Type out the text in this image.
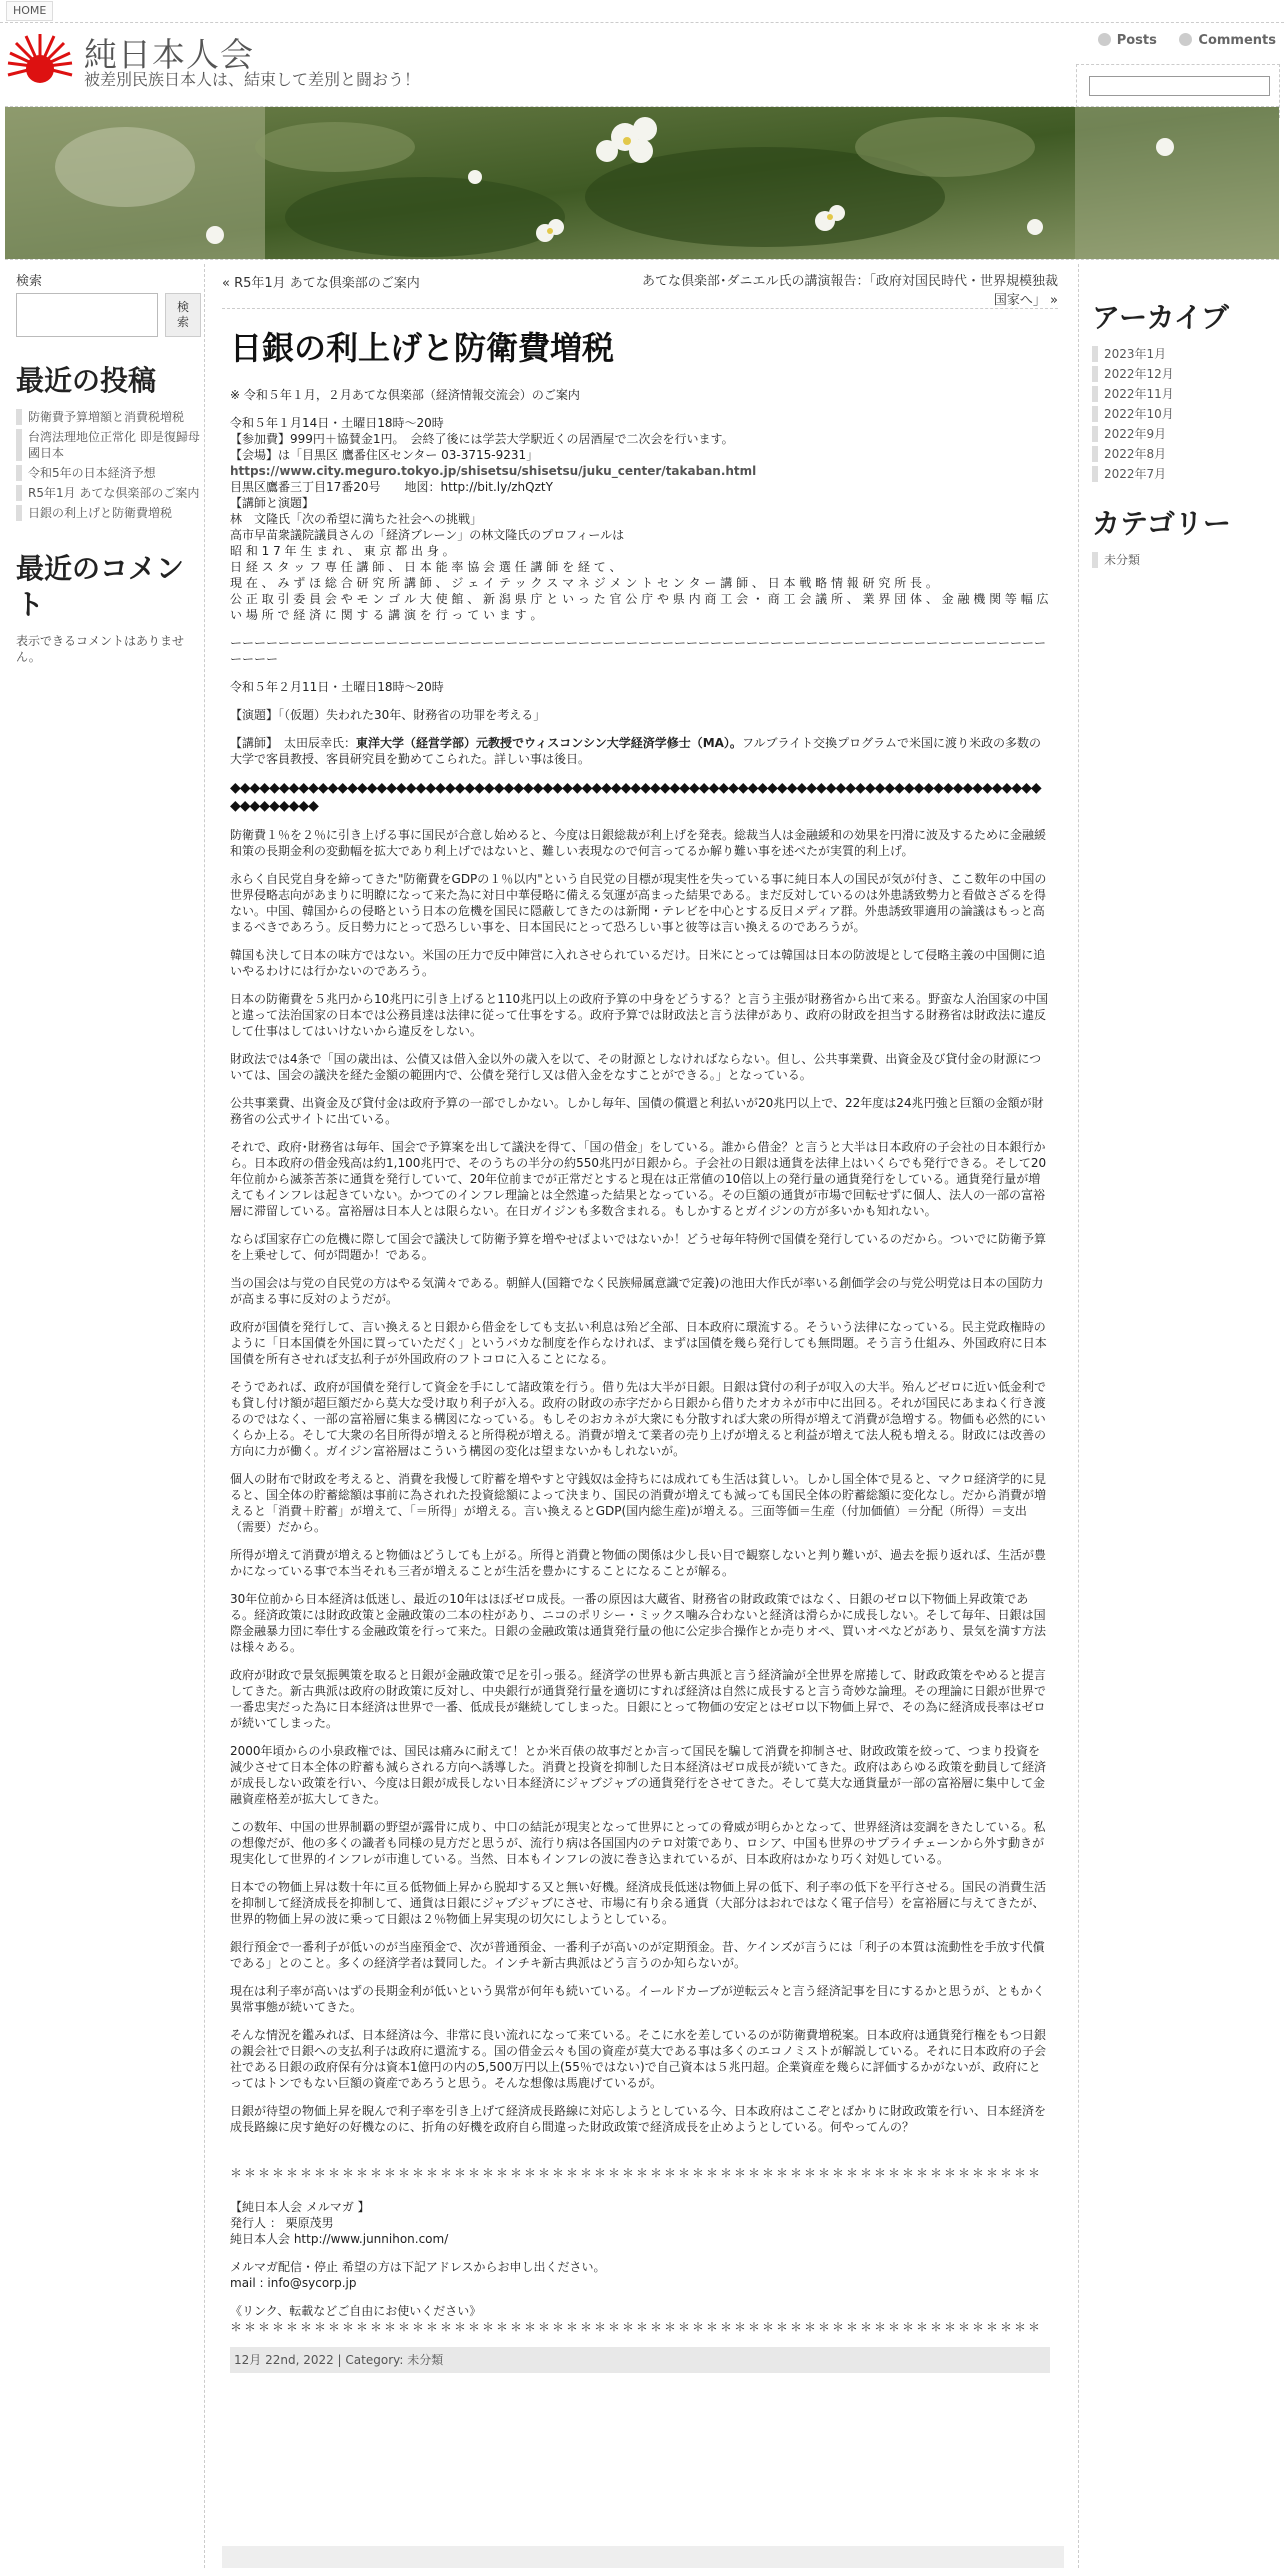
HOME
純日本人会
被差別民族日本人は、結束して差別と闘おう！
Posts	Comments
検索
検索
最近の投稿
防衛費予算増額と消費税増税
台湾法理地位正常化 即是復歸母國日本
令和5年の日本経済予想
R5年1月 あてな倶楽部のご案内
日銀の利上げと防衛費増税
最近のコメント
表示できるコメントはありません。
アーカイブ
2023年1月
2022年12月
2022年11月
2022年10月
2022年9月
2022年8月
2022年7月
カテゴリー
未分類
« R5年1月 あてな倶楽部のご案内	あてな倶楽部･ダニエル氏の講演報告：「政府対国民時代・世界規模独裁国家へ」 »
日銀の利上げと防衛費増税

※ 令和５年１月，２月あてな倶楽部（経済情報交流会）のご案内

令和５年１月14日・土曜日18時～20時
【参加費】999円＋協賛金1円。　会終了後には学芸大学駅近くの居酒屋で二次会を行います。
【会場】は「目黒区 鷹番住区センター 03-3715-9231」
https://www.city.meguro.tokyo.jp/shisetsu/shisetsu/juku_center/takaban.html
目黒区鷹番三丁目17番20号　　地図：http://bit.ly/zhQztY
【講師と演題】
林　文隆氏「次の希望に満ちた社会への挑戦」
高市早苗衆議院議員さんの「経済ブレーン」の林文隆氏のプロフィールは
昭 和 1 7 年 生 ま れ 、 東 京 都 出 身 。
日 経 ス タ ッ フ 専 任 講 師 、 日 本 能 率 協 会 選 任 講 師 を 経 て 、
現 在 、 み ず ほ 総 合 研 究 所 講 師 、 ジ ェ イ テ ッ ク ス マ ネ ジ メ ン ト セ ン タ ー 講 師 、 日 本 戦 略 情 報 研 究 所 長 。
公 正 取 引 委 員 会 や モ ン ゴ ル 大 使 館 、 新 潟 県 庁 と い っ た 官 公 庁 や 県 内 商 工 会 ・ 商 工 会 議 所 、 業 界 団 体 、 金 融 機 関 等 幅 広 い 場 所 で 経 済 に 関 す る 講 演 を 行 っ て い ま す 。

ーーーーーーーーーーーーーーーーーーーーーーーーーーーーーーーーーーーーーーーーーーーーーーーーーーーーーーーーーーーーーーーーーーーーーーーー

令和５年２月11日・土曜日18時～20時

【演題】「（仮題）失われた30年、財務省の功罪を考える」

【講師】　太田辰幸氏：東洋大学（経営学部）元教授でウィスコンシン大学経済学修士（MA）。フルブライト交換プログラムで米国に渡り米政の多数の大学で客員教授、客員研究員を勤めてこられた。詳しい事は後日。

◆◆◆◆◆◆◆◆◆◆◆◆◆◆◆◆◆◆◆◆◆◆◆◆◆◆◆◆◆◆◆◆◆◆◆◆◆◆◆◆◆◆◆◆◆◆◆◆◆◆◆◆◆◆◆◆◆◆◆◆◆◆◆◆◆◆◆◆◆◆◆◆◆◆◆◆◆◆◆◆◆◆◆◆◆◆◆◆◆◆◆◆

防衛費１％を２％に引き上げる事に国民が合意し始めると、今度は日銀総裁が利上げを発表。総裁当人は金融緩和の効果を円滑に波及するために金融緩和策の長期金利の変動幅を拡大であり利上げではないと、難しい表現なので何言ってるか解り難い事を述べたが実質的利上げ。

永らく自民党自身を締ってきた"防衛費をGDPの１％以内"という自民党の目標が現実性を失っている事に純日本人の国民が気が付き、ここ数年の中国の世界侵略志向があまりに明瞭になって来た為に対日中華侵略に備える気運が高まった結果である。まだ反対しているのは外患誘致勢力と看做さざるを得ない。中国、韓国からの侵略という日本の危機を国民に隠蔽してきたのは新聞・テレビを中心とする反日メディア群。外患誘致罪適用の論議はもっと高まるべきであろう。反日勢力にとって恐ろしい事を、日本国民にとって恐ろしい事と彼等は言い換えるのであろうが。

韓国も決して日本の味方ではない。米国の圧力で反中陣営に入れさせられているだけ。日米にとっては韓国は日本の防波堤として侵略主義の中国側に追いやるわけには行かないのであろう。

日本の防衛費を５兆円から10兆円に引き上げると110兆円以上の政府予算の中身をどうする？と言う主張が財務省から出て来る。野蛮な人治国家の中国と違って法治国家の日本では公務員達は法律に従って仕事をする。政府予算では財政法と言う法律があり、政府の財政を担当する財務省は財政法に違反して仕事はしてはいけないから違反をしない。

財政法では4条で「国の歳出は、公債又は借入金以外の歳入を以て、その財源としなければならない。但し、公共事業費、出資金及び貸付金の財源については、国会の議決を経た金額の範囲内で、公債を発行し又は借入金をなすことができる。」となっている。

公共事業費、出資金及び貸付金は政府予算の一部でしかない。しかし毎年、国債の償還と利払いが20兆円以上で、22年度は24兆円強と巨額の金額が財務省の公式サイトに出ている。

それで、政府･財務省は毎年、国会で予算案を出して議決を得て、「国の借金」をしている。誰から借金？と言うと大半は日本政府の子会社の日本銀行から。日本政府の借金残高は約1,100兆円で、そのうちの半分の約550兆円が日銀から。子会社の日銀は通貨を法律上はいくらでも発行できる。そして20年位前から滅茶苦茶に通貨を発行していて、20年位前までが正常だとすると現在は正常値の10倍以上の発行量の通貨発行をしている。通貨発行量が増えてもインフレは起きていない。かつてのインフレ理論とは全然違った結果となっている。その巨額の通貨が市場で回転せずに個人、法人の一部の富裕層に滞留している。富裕層は日本人とは限らない。在日ガイジンも多数含まれる。もしかするとガイジンの方が多いかも知れない。

ならば国家存亡の危機に際して国会で議決して防衛予算を増やせばよいではないか！どうせ毎年特例で国債を発行しているのだから。ついでに防衛予算を上乗せして、何が問題か！である。

当の国会は与党の自民党の方はやる気満々である。朝鮮人(国籍でなく民族帰属意識で定義)の池田大作氏が率いる創価学会の与党公明党は日本の国防力が高まる事に反対のようだが。

政府が国債を発行して、言い換えると日銀から借金をしても支払い利息は殆ど全部、日本政府に環流する。そういう法律になっている。民主党政権時のように「日本国債を外国に買っていただく」というバカな制度を作らなければ、まずは国債を幾ら発行しても無問題。そう言う仕組み、外国政府に日本国債を所有させれば支払利子が外国政府のフトコロに入ることになる。

そうであれば、政府が国債を発行して資金を手にして諸政策を行う。借り先は大半が日銀。日銀は貸付の利子が収入の大半。殆んどゼロに近い低金利でも貸し付け額が超巨額だから莫大な受け取り利子が入る。政府の財政の赤字だから日銀から借りたオカネが市中に出回る。それが国民にあまねく行き渡るのではなく、一部の富裕層に集まる構図になっている。もしそのおカネが大衆にも分散すれば大衆の所得が増えて消費が急増する。物価も必然的にいくらか上る。そして大衆の名目所得が増えると所得税が増える。消費が増えて業者の売り上げが増えると利益が増えて法人税も増える。財政には改善の方向に力が働く。ガイジン富裕層はこういう構図の変化は望まないかもしれないが。

個人の財布で財政を考えると、消費を我慢して貯蓄を増やすと守銭奴は金持ちには成れても生活は貧しい。しかし国全体で見ると、マクロ経済学的に見ると、国全体の貯蓄総額は事前に為されれた投資総額によって決まり、国民の消費が増えても減っても国民全体の貯蓄総額に変化なし。だから消費が増えると「消費＋貯蓄」が増えて、「＝所得」が増える。言い換えるとGDP(国内総生産)が増える。三面等価＝生産（付加価値）＝分配（所得）＝支出（需要）だから。

所得が増えて消費が増えると物価はどうしても上がる。所得と消費と物価の関係は少し長い目で観察しないと判り難いが、過去を振り返れば、生活が豊かになっている事で本当それも三者が増えることが生活を豊かにすることになることが解る。

30年位前から日本経済は低迷し、最近の10年はほぼゼロ成長。一番の原因は大蔵省、財務省の財政政策ではなく、日銀のゼロ以下物価上昇政策である。経済政策には財政政策と金融政策の二本の柱があり、ニコのポリシー・ミックス噛み合わないと経済は滑らかに成長しない。そして毎年、日銀は国際金融暴力団に奉仕する金融政策を行って来た。日銀の金融政策は通貨発行量の他に公定歩合操作とか売りオペ、買いオペなどがあり、景気を満す方法は様々ある。

政府が財政で景気振興策を取ると日銀が金融政策で足を引っ張る。経済学の世界も新古典派と言う経済論が全世界を席捲して、財政政策をやめると提言してきた。新古典派は政府の財政策に反対し、中央銀行が通貨発行量を適切にすれば経済は自然に成長すると言う奇妙な論理。その理論に日銀が世界で一番忠実だった為に日本経済は世界で一番、低成長が継続してしまった。日銀にとって物価の安定とはゼロ以下物価上昇で、その為に経済成長率はゼロが続いてしまった。

2000年頃からの小泉政権では、国民は痛みに耐えて！とか米百俵の故事だとか言って国民を騙して消費を抑制させ、財政政策を絞って、つまり投資を減少させて日本全体の貯蓄も減らされる方向へ誘導した。消費と投資を抑制した日本経済はゼロ成長が続いてきた。政府はあらゆる政策を動員して経済が成長しない政策を行い、今度は日銀が成長しない日本経済にジャブジャブの通貨発行をさせてきた。そして莫大な通貨量が一部の富裕層に集中して金融資産格差が拡大してきた。

この数年、中国の世界制覇の野望が露骨に成り、中口の結託が現実となって世界にとっての脅威が明らかとなって、世界経済は変調をきたしている。私の想像だが、他の多くの識者も同様の見方だと思うが、流行り病は各国国内のテロ対策であり、ロシア、中国も世界のサプライチェーンから外す動きが現実化して世界的インフレが市進している。当然、日本もインフレの波に巻き込まれているが、日本政府はかなり巧く対処している。

日本での物価上昇は数十年に亘る低物価上昇から脱却する又と無い好機。経済成長低迷は物価上昇の低下、利子率の低下を平行させる。国民の消費生活を抑制して経済成長を抑制して、通貨は日銀にジャブジャブにさせ、市場に有り余る通貨（大部分はおれではなく電子信号）を富裕層に与えてきたが、世界的物価上昇の波に乗って日銀は２％物価上昇実現の切欠にしようとしている。

銀行預金で一番利子が低いのが当座預金で、次が普通預金、一番利子が高いのが定期預金。昔、ケインズが言うには「利子の本質は流動性を手放す代償である」とのこと。多くの経済学者は賛同した。インチキ新古典派はどう言うのか知らないが。

現在は利子率が高いはずの長期金利が低いという異常が何年も続いている。イールドカーブが逆転云々と言う経済記事を目にするかと思うが、ともかく異常事態が続いてきた。

そんな情況を鑑みれば、日本経済は今、非常に良い流れになって来ている。そこに水を差しているのが防衛費増税案。日本政府は通貨発行権をもつ日銀の親会社で日銀への支払利子は政府に還流する。国の借金云々も国の資産が莫大である事は多くのエコノミストが解説している。それに日本政府の子会社である日銀の政府保有分は資本1億円の内の5,500万円以上(55％ではない)で自己資本は５兆円超。企業資産を幾らに評価するかがないが、政府にとってはトンでもない巨額の資産であろうと思う。そんな想像は馬鹿げているが。

日銀が待望の物価上昇を睨んで利子率を引き上げて経済成長路線に対応しようとしている今、日本政府はここぞとばかりに財政政策を行い、日本経済を成長路線に戻す絶好の好機なのに、折角の好機を政府自ら間違った財政政策で経済成長を止めようとしている。何やってんの？

＊＊＊＊＊＊＊＊＊＊＊＊＊＊＊＊＊＊＊＊＊＊＊＊＊＊＊＊＊＊＊＊＊＊＊＊＊＊＊＊＊＊＊＊＊＊＊＊＊＊＊＊＊＊＊＊＊＊

【純日本人会 メルマガ 】
発行人 ： 栗原茂男
純日本人会 http://www.junnihon.com/

メルマガ配信・停止 希望の方は下記アドレスからお申し出ください。
mail : info@sycorp.jp

《リンク、転載などご自由にお使いください》

＊＊＊＊＊＊＊＊＊＊＊＊＊＊＊＊＊＊＊＊＊＊＊＊＊＊＊＊＊＊＊＊＊＊＊＊＊＊＊＊＊＊＊＊＊＊＊＊＊＊＊＊＊＊＊＊＊＊

12月 22nd, 2022 | Category: 未分類
